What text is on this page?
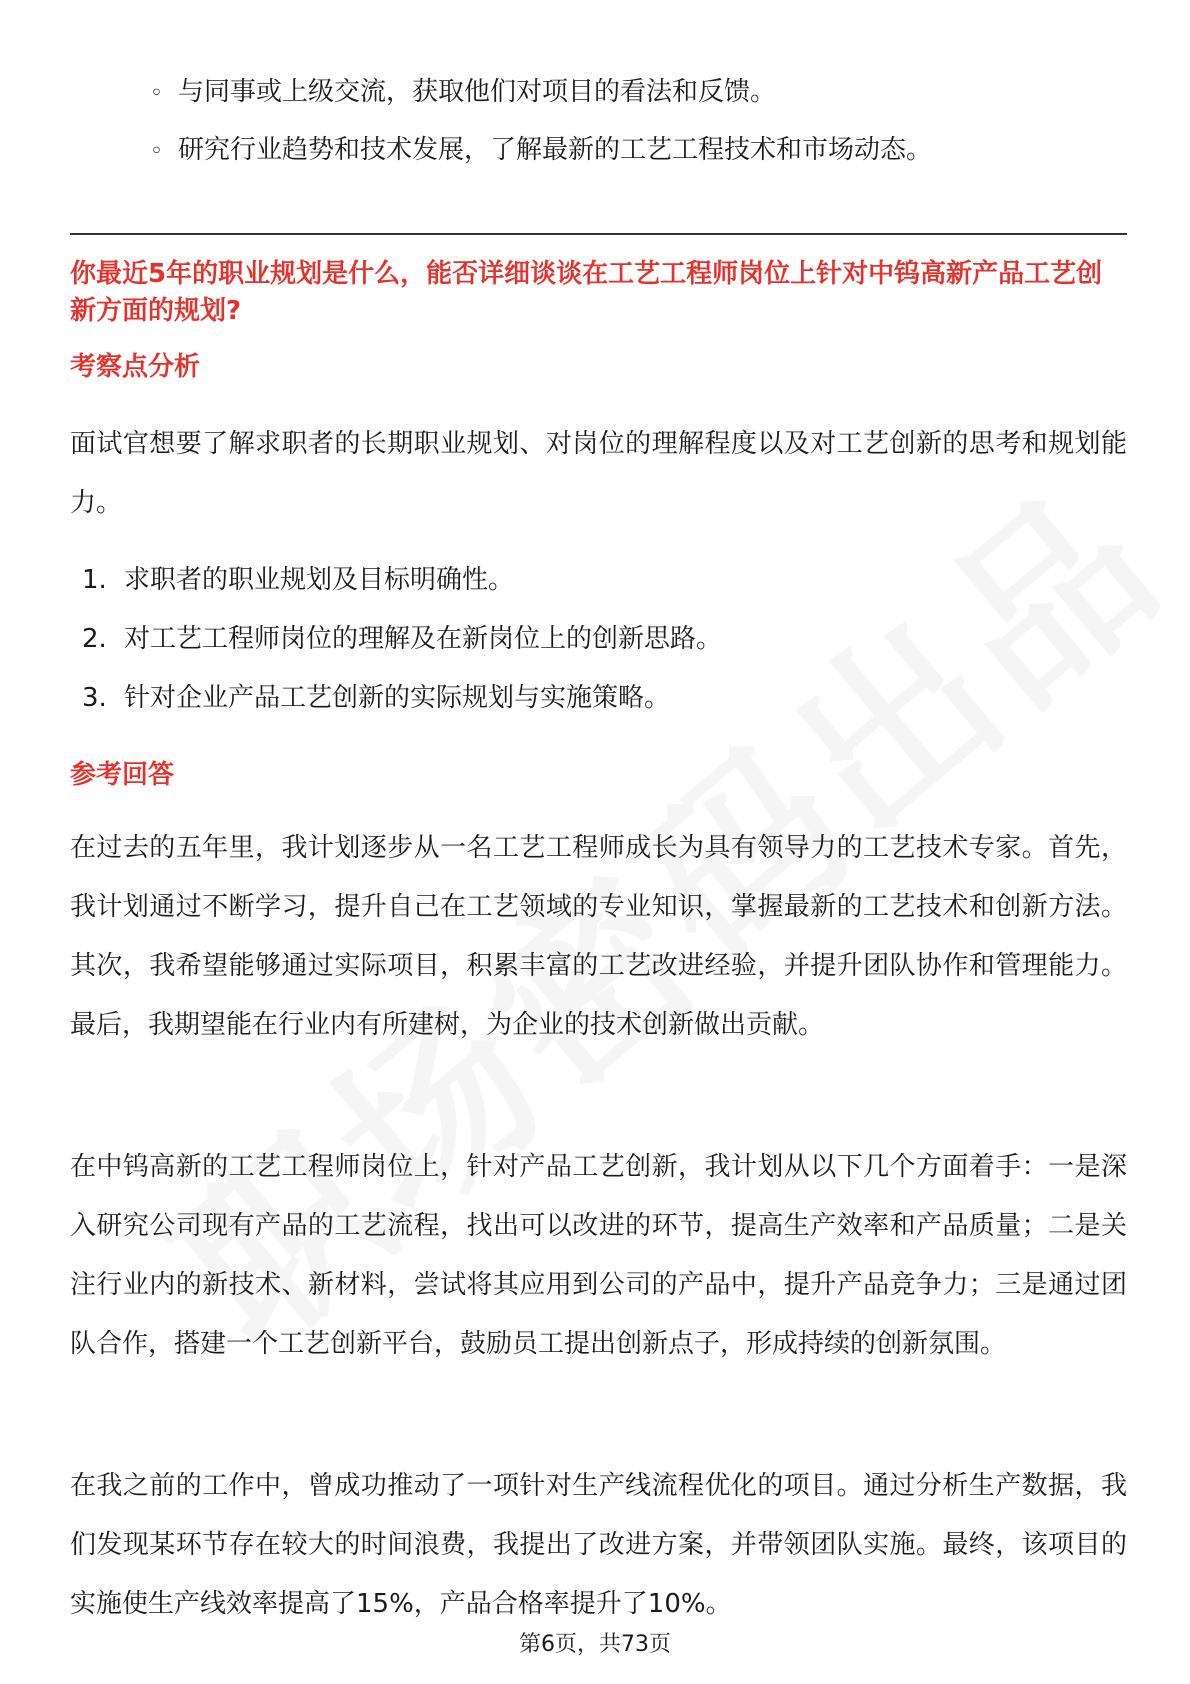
◦ 与同事或上级交流，获取他们对项目的看法和反馈。
◦ 研究行业趋势和技术发展，了解最新的工艺工程技术和市场动态。
你最近5年的职业规划是什么，能否详细谈谈在工艺工程师岗位上针对中钨高新产品工艺创新方面的规划?
考察点分析
面试官想要了解求职者的长期职业规划、对岗位的理解程度以及对工艺创新的思考和规划能力。
1. 求职者的职业规划及目标明确性。
2. 对工艺工程师岗位的理解及在新岗位上的创新思路。
3. 针对企业产品工艺创新的实际规划与实施策略。
参考回答
在过去的五年里，我计划逐步从一名工艺工程师成长为具有领导力的工艺技术专家。首先，我计划通过不断学习，提升自己在工艺领域的专业知识，掌握最新的工艺技术和创新方法。其次，我希望能够通过实际项目，积累丰富的工艺改进经验，并提升团队协作和管理能力。最后，我期望能在行业内有所建树，为企业的技术创新做出贡献。
在中钨高新的工艺工程师岗位上，针对产品工艺创新，我计划从以下几个方面着手：一是深入研究公司现有产品的工艺流程，找出可以改进的环节，提高生产效率和产品质量；二是关注行业内的新技术、新材料，尝试将其应用到公司的产品中，提升产品竞争力；三是通过团队合作，搭建一个工艺创新平台，鼓励员工提出创新点子，形成持续的创新氛围。
在我之前的工作中，曾成功推动了一项针对生产线流程优化的项目。通过分析生产数据，我们发现某环节存在较大的时间浪费，我提出了改进方案，并带领团队实施。最终，该项目的实施使生产线效率提高了15%，产品合格率提升了10%。
第6页，共73页
